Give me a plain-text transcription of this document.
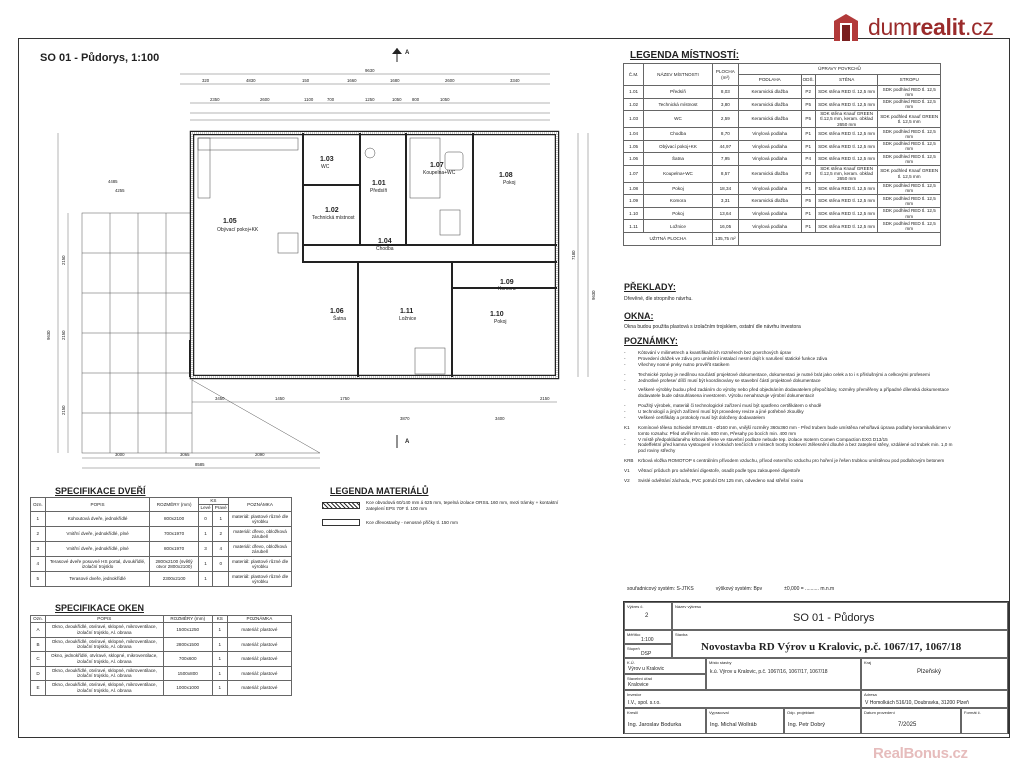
dumrealit.cz
SO 01 - Půdorys, 1:100	A
A
9630
320	4830	150	1660	1680	2600	3340
2350	2600	1100	700	1250	1050 800	1050
4485
4255
1.05
Obývací pokoj+KK
1.03
WC
1.01
Předsíň
1.02
Technická místnost
1.07
Koupelna+WC	1.08
Pokoj
1.04
Chodba
1.09
Komora
1.06
Šatna
1.11
Ložnice
1.10
Pokoj
7180
9630
9630
2150
2150
2150
3450	1450	1750
3870	3400
2150
3000	3065	2090
8585
LEGENDA MÍSTNOSTÍ:
Č.M.	NÁZEV MÍSTNOSTI	PLOCHA (m²)	ÚPRAVY POVRCHŮ			
			PODLAHA	ODŠ.	STĚNA	STROPU
1.01	Předsíň	8,03	Keramická dlažba	P2	SDK stěna RED tl. 12,5 mm	SDK podhled RED tl. 12,5 mm
1.02	Technická místnost	3,80	Keramická dlažba	P5	SDK stěna RED tl. 12,5 mm	SDK podhled RED tl. 12,5 mm
1.03	WC	2,59	Keramická dlažba	P5	SDK stěna Knauf GREEN tl.12,5 mm, keram. obklad 2650 mm	SDK podhled Knauf GREEN tl. 12,5 mm
1.04	Chodba	8,70	Vinylová podlaha	P1	SDK stěna RED tl. 12,5 mm	SDK podhled RED tl. 12,5 mm
1.05	Obývací pokoj+KK	44,97	Vinylová podlaha	P1	SDK stěna RED tl. 12,5 mm	SDK podhled RED tl. 12,5 mm
1.06	Šatna	7,95	Vinylová podlaha	P4	SDK stěna RED tl. 12,5 mm	SDK podhled RED tl. 12,5 mm
1.07	Koupelna+WC	8,57	Keramická dlažba	P3	SDK stěna Knauf GREEN tl.12,5 mm, keram. obklad 2650 mm	SDK podhled Knauf GREEN tl. 12,5 mm
1.08	Pokoj	18,34	Vinylová podlaha	P1	SDK stěna RED tl. 12,5 mm	SDK podhled RED tl. 12,5 mm
1.09	Komora	3,31	Keramická dlažba	P5	SDK stěna RED tl. 12,5 mm	SDK podhled RED tl. 12,5 mm
1.10	Pokoj	13,64	Vinylová podlaha	P1	SDK stěna RED tl. 12,5 mm	SDK podhled RED tl. 12,5 mm
1.11	Ložnice	16,05	Vinylová podlaha	P1	SDK stěna RED tl. 12,5 mm	SDK podhled RED tl. 12,5 mm
UŽITNÁ PLOCHA		135,75 m²				
PŘEKLADY:
Dřevěné, dle stropního návrhu.
OKNA:
Okna budou použita plastová s izolačním trojsklem, ostatní dle návrhu investora
POZNÁMKY:
-	Kótování v milimetrech a kvantifikačních rozměrech bez povrchových úprav
-	Provedení drážek ve zdivu pro umístění instalací nesmí dojít k narušení statické funkce zdiva
-	Všechny nosné prvky nutno prověřit statikem
-	Technické zprávy je nedílnou součástí projektové dokumentace, dokumentaci je nutné brát jako celek a to i s příslušnými a celkovými profesemi
-	Jednotlivé profese/ dílčí musí být koordinovány se stavební částí projektové dokumentace
-	Veškeré výrobky budou před zadáním do výroby nebo před objednáním dodavatelem přepočítány, rozměry přeměřeny a případné dílenská dokumentace dodavatele bude odsouhlasena investorem. Výrobu nenahrazuje výrobní dokumentaci!
-	Použitý výrobek, materiál či technologické zařízení musí být opatřeno certifikátem o shodě
-	U technologií a jiných zařízení musí být provedeny revize a jiné potřebné zkoušky
-	Veškeré certifikáty a protokoly musí být doloženy dodavatelem
K1	Komínové těleso Schiedel SFABILIS - Ø160 mm, vnější rozměry 360x360 mm - Před trubem bude umístěna nehořlavá úprava podlahy keramika/kámen v tomto rozsahu: Před otvířením min. 800 mm, Přesahy po bocích min. 400 mm
-	V místě předpokládaného krbová tělese ve stavební podlaze nebude tep. izolace Isoterm Comen Compaction EXG D13/15
-	Nodeffektní před kamna vystoupení v krokvách tenčících v místech tvorby krokevní ztělesnění dlouhé a bez zateplení stěny, vzdálené od trubek min. 1,0 m pod roviny střechy
KRB Krbová vložka ROMOTOP s centrálním přívodem vzduchu, přívod externího vzduchu pro hoření je řešen trubkou umístěnou pod podlahovým betonem
V1	Větrací průduch pro odvětrání digestoře, osadit podle typu zakoupené digestoře
V2	Svislé odvětrání záchodu, PVC potrubí DN 125 mm, odvedeno nad střešní rovinu
SPECIFIKACE DVEŘÍ
Ozn.	POPIS	ROZMĚRY (mm)	KS		POZNÁMKA
			Levé	Pravé	
1	Kohoutová dveře, jednokřídlé	800x2100	0	1	materiál: plastové různé dle výrobku
2	Vnitřní dveře, jednokřídlé, plné	700x1970	1	2	materiál: dřevo, obložková zárubeň
3	Vnitřní dveře, jednokřídlé, plné	800x1970	3	4	materiál: dřevo, obložková zárubeň
4	Terasové dveře posuvné HS portal, dvoukřídlé, izolační trojsklo	2800x2100 (světlý otvor 2800x2100)	1	0	materiál: plastové různé dle výrobku
5	Terasové dveře, jednokřídlé	2300x2100	1		materiál: plastové různé dle výrobku
SPECIFIKACE OKEN
Ozn.	POPIS	ROZMĚRY (mm)	KS	POZNÁMKA
A	Okno, dvoukřídlé, otvíravé, sklopné, mikroventilace, izolační trojsklo, Al. obrana	1500x1250	1	materiál: plastové
B	Okno, dvoukřídlé, otvíravé, sklopné, mikroventilace, izolační trojsklo, Al. obrana	2800x1500	1	materiál: plastové
C	Okno, jednokřídlé, otvíravé, sklopné, mikroventilace, izolační trojsklo, Al. obrana	700x600	1	materiál: plastové
D	Okno, dvoukřídlé, otvíravé, sklopné, mikroventilace, izolační trojsklo, Al. obrana	1500x800	1	materiál: plastové
E	Okno, dvoukřídlé, otvíravé, sklopné, mikroventilace, izolační trojsklo, Al. obrana	1000x1000	1	materiál: plastové
LEGENDA MATERIÁLŮ
Kce obvodová 60/140 mm á 625 mm, tepelná izolace ORSIL 160 mm, mezi trámky + kontaktní zateplení EPS 70F tl. 100 mm
Kce dřevostavby - nenosné příčky tl. 150 mm
souřadnicový systém: S-JTKS	výškový systém: Bpv	±0,000 = .......... m.n.m
Výkres č.
2
Název výkresu
SO 01 - Půdorys
Měřítko
1:100
Stupeň
DSP
Stavba
Novostavba RD Výrov u Kralovic, p.č. 1067/17, 1067/18
K.Ú.
Výrov u Kralovic
Stavební úřad
Kralovice
Místo stavby
k.ú. Výrov u Kralovic, p.č. 1067/16, 1067/17, 1067/18
Kraj
Plzeňský
Investor
I.V., spol. s.r.o.
Adresa
V Homolkách 516/10, Doubravka, 31200 Plzeň
Kreslil
Ing. Jaroslav Bodurka
Vypracoval
Ing. Michal Wollráb
Odp. projektant
Ing. Petr Dobrý
Datum provedení
7/2025
Formát č.
RealBonus.cz
